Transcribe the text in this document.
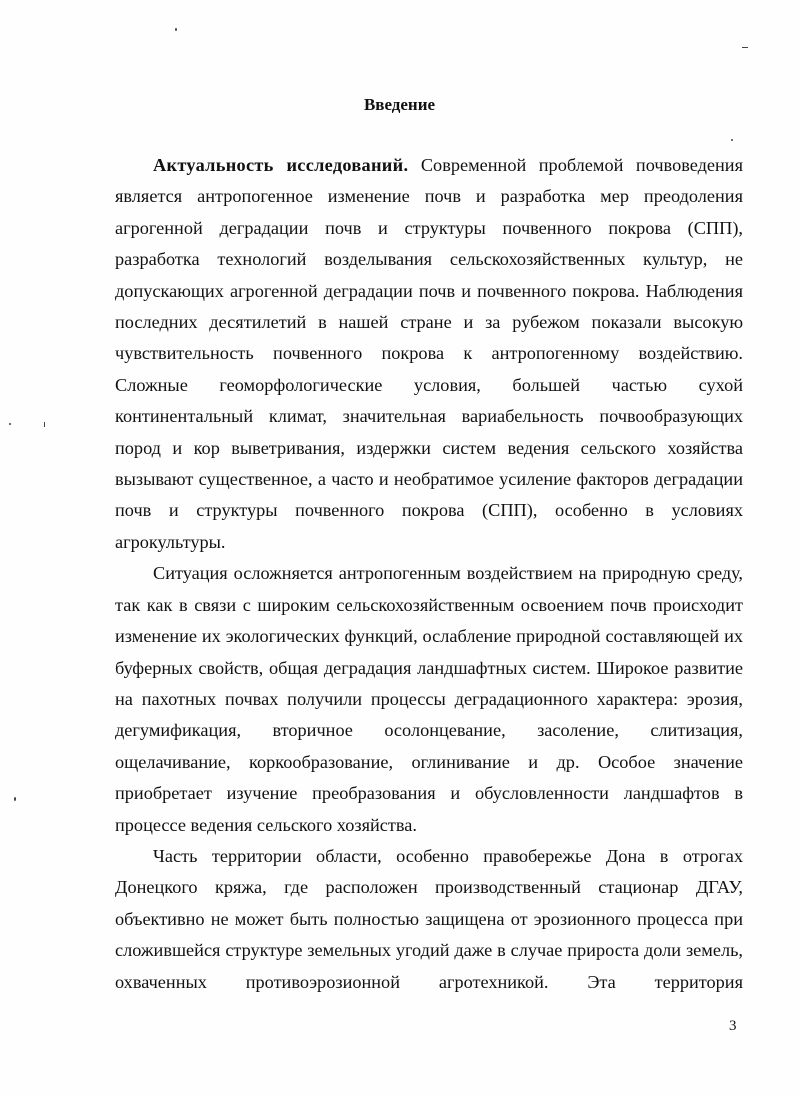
Введение

Актуальность исследований. Современной проблемой почвоведения является антропогенное изменение почв и разработка мер преодоления агрогенной деградации почв и структуры почвенного покрова (СПП), разработка технологий возделывания сельскохозяйственных культур, не допускающих агрогенной деградации почв и почвенного покрова. Наблюдения последних десятилетий в нашей стране и за рубежом показали высокую чувствительность почвенного покрова к антропогенному воздействию. Сложные геоморфологические условия, большей частью сухой континентальный климат, значительная вариабельность почвообразующих пород и кор выветривания, издержки систем ведения сельского хозяйства вызывают существенное, а часто и необратимое усиление факторов деградации почв и структуры почвенного покрова (СПП), особенно в условиях агрокультуры.

Ситуация осложняется антропогенным воздействием на природную среду, так как в связи с широким сельскохозяйственным освоением почв происходит изменение их экологических функций, ослабление природной составляющей их буферных свойств, общая деградация ландшафтных систем. Широкое развитие на пахотных почвах получили процессы деградационного характера: эрозия, дегумификация, вторичное осолонцевание, засоление, слитизация, ощелачивание, коркообразование, оглинивание и др. Особое значение приобретает изучение преобразования и обусловленности ландшафтов в процессе ведения сельского хозяйства.

Часть территории области, особенно правобережье Дона в отрогах Донецкого кряжа, где расположен производственный стационар ДГАУ, объективно не может быть полностью защищена от эрозионного процесса при сложившейся структуре земельных угодий даже в случае прироста доли земель, охваченных противоэрозионной агротехникой. Эта территория

3
